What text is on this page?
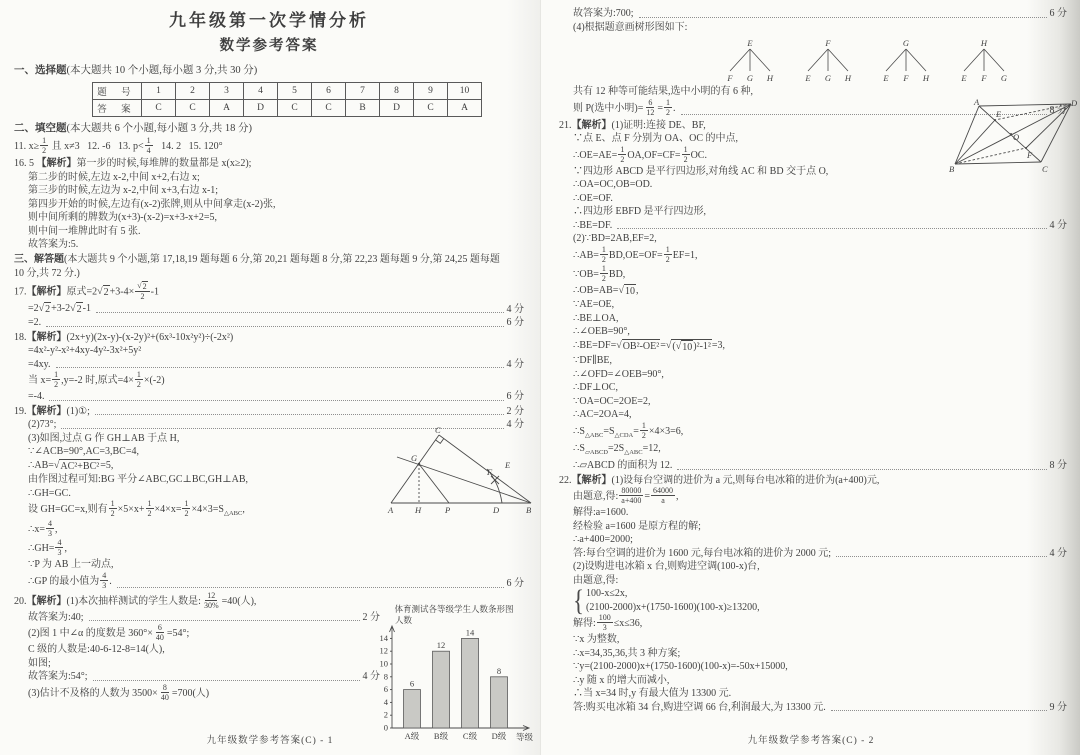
九年级第一次学情分析
数学参考答案
一、选择题(本大题共 10 个小题,每小题 3 分,共 30 分)
题 号	1	2	3	4	5	6	7	8	9	10
答 案	C	C	A	D	C	C	B	D	C	A
二、填空题(本大题共 6 个小题,每小题 3 分,共 18 分)
11. $x\ge \frac{1}{2}$ 且 x≠3   12. -6   13. $p< \frac{1}{4} 14$. 2   15. 120°
16. 5 【解析】第一步的时候,每堆牌的数量都是 x(x≥2);
第二步的时候,左边 x-2,中间 x+2,右边 x;
第三步的时候,左边为 x-2,中间 x+3,右边 x-1;
第四步开始的时候,左边有(x-2)张牌,则从中间拿走(x-2)张,
则中间所剩的牌数为(x+3)-(x-2)=x+3-x+2=5,
则中间一堆牌此时有 5 张.
故答案为:5.
三、解答题(本大题共 9 个小题,第 17,18,19 题每题 6 分,第 20,21 题每题 8 分,第 22,23 题每题 9 分,第 24,25 题每题
10 分,共 72 分.)
17.【解析】原式=2√ $2 +3-4\times \frac{√ 2}{2} -1$
=2√ 2 +3-2√ 2 -1	4 分
=2.	6 分
18.【解析】(2x+y)(2x-y)-(x-2y)²+(6x³-10x²y²)÷(-2x²)
=4x²-y²-x²+4xy-4y²-3x²+5y²
=4xy.	4 分
当 $x= \frac{1}{2} ,y=-2$ 时,原式$=4\times \frac{1}{2} \times(-2)$
=-4.	6 分
19.【解析】(1)①;	2 分
(2)73°;	4 分
(3)如图,过点 G 作 GH⊥AB 于点 H,
∵∠ACB=90°,AC=3,BC=4,
∴AB=√ AC²+BC² =5,
由作图过程可知:BG 平分∠ABC,GC⊥BC,GH⊥AB,
∴GH=GC.
设 GH=GC=x,则有 $\frac{1}{2} \times 5\times x+ \frac{1}{2} \times 4\times x= \frac{1}{2} \times 4\times 3=S_{\triangle ABC}$,
∴x= $\frac{4}{3}$ ,
∴GH= $\frac{4}{3}$ ,
∵P 为 AB 上一动点,
∴GP 的最小值为 $\frac{4}{3}$ .	6 分
20.【解析】(1)本次抽样测试的学生人数是: $\frac{12}{30\%} =40$(人),
故答案为:40;	2 分
(2)图 1 中∠α 的度数是 $360^\circ\times \frac{6}{40} =54^\circ$;
C 级的人数是:40-6-12-8=14(人),
如图;
故答案为:54°;	4 分
(3)估计不及格的人数为 $3500\times \frac{8}{40} =700$(人)
A	H	P	D	B
C
G
F
E
体育测试各等级学生人数条形图
人数
等级
0
2
4
6
8
10
12
14
6
A级
12
B级
14
C级
8
D级
九年级数学参考答案(C) - 1
故答案为:700;	6 分
(4)根据题意画树形图如下:
E
F G H
F
E G H
G
E F H
H
E F G
共有 12 种等可能结果,选中小明的有 6 种,
则 P(选中小明)= $\frac{6}{12} = \frac{1}{2}$ .	8 分
21.【解析】(1)证明:连接 DE、BF,
∵点 E、点 F 分别为 OA、OC 的中点,
∴OE=AE= $\frac{1}{2} OA,OF=CF= \frac{1}{2}$ OC.
∵四边形 ABCD 是平行四边形,对角线 AC 和 BD 交于点 O,
∴OA=OC,OB=OD.
∴OE=OF.
∴四边形 EBFD 是平行四边形,
∴BE=DF.	4 分
(2)∵BD=2AB,EF=2,
∴AB= $\frac{1}{2} BD,OE=OF= \frac{1}{2} EF=1$,
∵OB= $\frac{1}{2}$ BD,
∴OB=AB=√ 10 ,
∵AE=OE,
∴BE⊥OA,
∴∠OEB=90°,
∴BE=DF=√ OB²-OE² =√ (√ 10 )²-1² =3,
∵DF∥BE,
∴∠OFD=∠OEB=90°,
∴DF⊥OC,
∵OA=OC=2OE=2,
∴AC=2OA=4,
$\therefore S_{\triangle ABC}=S_{\triangle CDA}= \frac{1}{2} \times 4\times 3=6$,
$\therefore S_{▱ABCD}=2S_{\triangle ABC}=12$,
∴▱ABCD 的面积为 12.	8 分
22.【解析】(1)设每台空调的进价为 a 元,则每台电冰箱的进价为(a+400)元,
由题意,得: $\frac{80000}{a+400} = \frac{64000}{a}$ ,
解得:a=1600.
经检验 a=1600 是原方程的解;
∴a+400=2000;
答:每台空调的进价为 1600 元,每台电冰箱的进价为 2000 元;	4 分
(2)设购进电冰箱 x 台,则购进空调(100-x)台,
由题意,得:
{ 100-x≤2x,
(2100-2000)x+(1750-1600)(100-x)≥13200,
解得: $\frac{100}{3} \le x\le 36$,
∵x 为整数,
∴x=34,35,36,共 3 种方案;
∵y=(2100-2000)x+(1750-1600)(100-x)=-50x+15000,
∴y 随 x 的增大而减小,
∴当 x=34 时,y 有最大值为 13300 元.
答:购买电冰箱 34 台,购进空调 66 台,利润最大,为 13300 元.	9 分
A	D
B	C
E
O
F
九年级数学参考答案(C) - 2
